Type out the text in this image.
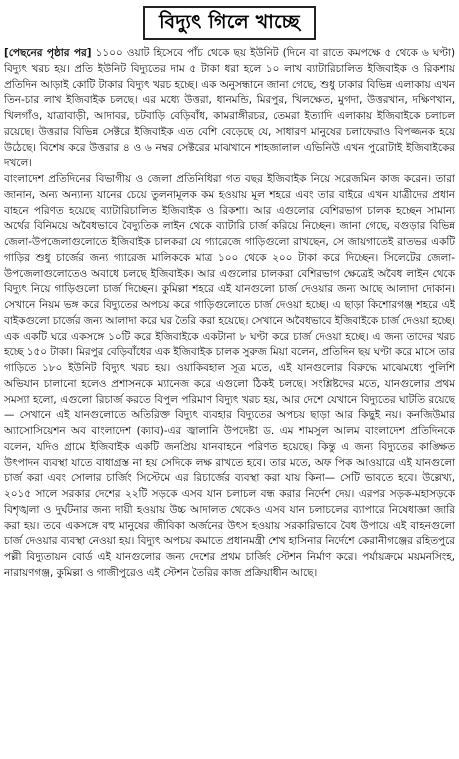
বিদ্যুৎ গিলে খাচ্ছে

[পেছনের পৃষ্ঠার পর] ১১০০ ওয়াট হিসেবে পাঁচ থেকে ছয় ইউনিট (দিনে বা রাতে কমপক্ষে ৫ থেকে ৬ ঘণ্টা) বিদ্যুৎ খরচ হয়। প্রতি ইউনিট বিদ্যুতের দাম ৫ টাকা ধরা হলে ১০ লাখ ব্যাটারিচালিত ইজিবাইক ও রিকশায় প্রতিদিন আড়াই কোটি টাকার বিদ্যুৎ খরচ হচ্ছে। এক অনুসন্ধানে জানা গেছে, শুধু ঢাকার বিভিন্ন এলাকায় এখন তিন-চার লাখ ইজিবাইক চলছে। এর মধ্যে উত্তরা, ধানমন্ডি, মিরপুর, খিলক্ষেত, মুগদা, উত্তরখান, দক্ষিণখান, খিলগাঁও, যাত্রাবাড়ী, আদাবর, চটবাড়ি বেড়িবাঁধ, কামরাঙ্গীরচর, তেমরা ইত্যাদি এলাকায় ইজিবাইকে চলাচল রয়েছে। উত্তরার বিভিন্ন সেক্টরে ইজিবাইক এত বেশি বেড়েছে যে, সাধারণ মানুষের চলাফেরাও বিপজ্জনক হয়ে উঠেছে। বিশেষ করে উত্তরার ৪ ও ৬ নম্বর সেক্টরের মাঝখানে শাহজালাল এভিনিউ এখন পুরোটাই ইজিবাইকের দখলে।

বাংলাদেশ প্রতিদিনের বিভাগীয় ও জেলা প্রতিনিধিরা গত বছর ইজিবাইক নিয়ে সরেজমিন কাজ করেন। তারা জানান, অন্য অন্যান্য যানের চেয়ে তুলনামূলক কম হওয়ায় মূল শহরে এবং তার বাইরে এখন যাত্রীদের প্রধান বাহনে পরিণত হয়েছে ব্যাটারিচালিত ইজিবাইক ও রিকশা। আর এগুলোর বেশিরভাগ চালক হচ্ছেন সামান্য অর্থের বিনিময়ে অবৈধভাবে বৈদ্যুতিক লাইন থেকে ব্যাটারি চার্জ করিয়ে নিচ্ছেন। জানা গেছে, বগুড়ার বিভিন্ন জেলা-উপজেলাগুলোতে ইজিবাইক চালকরা যে গ্যারেজে গাড়িগুলো রাখছেন, সে জায়গাতেই রাতভর একটি গাড়ির শুধু চার্জের জন্য গ্যারেজ মালিককে মাত্র ১০০ থেকে ২০০ টাকা করে দিচ্ছেন। সিলেটের জেলা-উপজেলাগুলোতেও অবাধে চলছে ইজিবাইক। আর এগুলোর চালকরা বেশিরভাগ ক্ষেত্রেই অবৈধ লাইন থেকে বিদ্যুৎ নিয়ে গাড়িগুলো চার্জ দিচ্ছেন। কুমিল্লা শহরে এই যানগুলো চার্জ দেওয়ার জন্য আছে আলাদা দোকান। সেখানে নিয়ম ভঙ্গ করে বিদ্যুতের অপচয় করে গাড়িগুলোতে চার্জ দেওয়া হচ্ছে। এ ছাড়া কিশোরগঞ্জ শহরে এই বাইকগুলো চার্জের জন্য আলাদা করে ঘর তৈরি করা হয়েছে। সেখানে অবৈধভাবে ইজিবাইকে চার্জ দেওয়া হচ্ছে। এক একটি ঘরে একসঙ্গে ১০টি করে ইজিবাইকে একটানা ৮ ঘণ্টা করে চার্জ দেওয়া হচ্ছে। এ জন্য তাদের খরচ হচ্ছে ১৫০ টাকা। মিরপুর বেড়িবাঁধের এক ইজিবাইক চালক সুরুজ মিয়া বলেন, প্রতিদিন ছয় ঘণ্টা করে মাসে তার গাড়িতে ১৮০ ইউনিট বিদ্যুৎ খরচ হয়। ওয়াকিবহাল সূত্র মতে, এই যানগুলোর বিরুদ্ধে মাঝেমধ্যে পুলিশি অভিযান চালানো হলেও প্রশাসনকে ম্যানেজ করে এগুলো ঠিকই চলছে। সংশ্লিষ্টদের মতে, যানগুলোর প্রথম সমস্যা হলো, এগুলো রিচার্জ করতে বিপুল পরিমাণ বিদ্যুৎ খরচ হয়, আর দেশে যেখানে বিদ্যুতের ঘাটতি রয়েছে— সেখানে এই যানগুলোতে অতিরিক্ত বিদ্যুৎ ব্যবহার বিদ্যুতের অপচয় ছাড়া আর কিছুই নয়। কনজিউমার অ্যাসোসিয়েশন অব বাংলাদেশ (ক্যাব)-এর জ্বালানি উপদেষ্টা ড. এম শামসুল আলম বাংলাদেশ প্রতিদিনকে বলেন, যদিও গ্রামে ইজিবাইক একটি জনপ্রিয় যানবাহনে পরিণত হয়েছে। কিন্তু এ জন্য বিদ্যুতের কাঙ্ক্ষিত উৎপাদন ব্যবস্থা যাতে বাধাগ্রস্ত না হয় সেদিকে লক্ষ রাখতে হবে। তার মতে, অফ পিক আওয়ারে এই যানগুলো চার্জ করা এবং সোলার চার্জিং সিস্টেমে এর রিচার্জের ব্যবস্থা করা যায় কিনা— সেটি ভাবতে হবে। উল্লেখ্য, ২০১৫ সালে সরকার দেশের ২২টি সড়কে এসব যান চলাচল বন্ধ করার নির্দেশ দেয়। এরপর সড়ক-মহাসড়কে বিশৃঙ্খলা ও দুর্ঘটনার জন্য দায়ী হওয়ায় উচ্চ আদালত থেকেও এসব যান চলাচলের ব্যাপারে নিষেধাজ্ঞা জারি করা হয়। তবে একসঙ্গে বহু মানুষের জীবিকা অর্জনের উৎস হওয়ায় সরকারিভাবে বৈধ উপায়ে এই বাহনগুলো চার্জ দেওয়ার ব্যবস্থা নেওয়া হয়। বিদ্যুৎ অপচয় কমাতে প্রধানমন্ত্রী শেখ হাসিনার নির্দেশে কেরানীগঞ্জের রহিতপুরে পল্লী বিদ্যুতায়ন বোর্ড এই যানগুলোর জন্য দেশের প্রথম চার্জিং স্টেশন নির্মাণ করে। পর্যায়ক্রমে ময়মনসিংহ, নারায়ণগঞ্জ, কুমিল্লা ও গাজীপুরেও এই স্টেশন তৈরির কাজ প্রক্রিয়াধীন আছে।
